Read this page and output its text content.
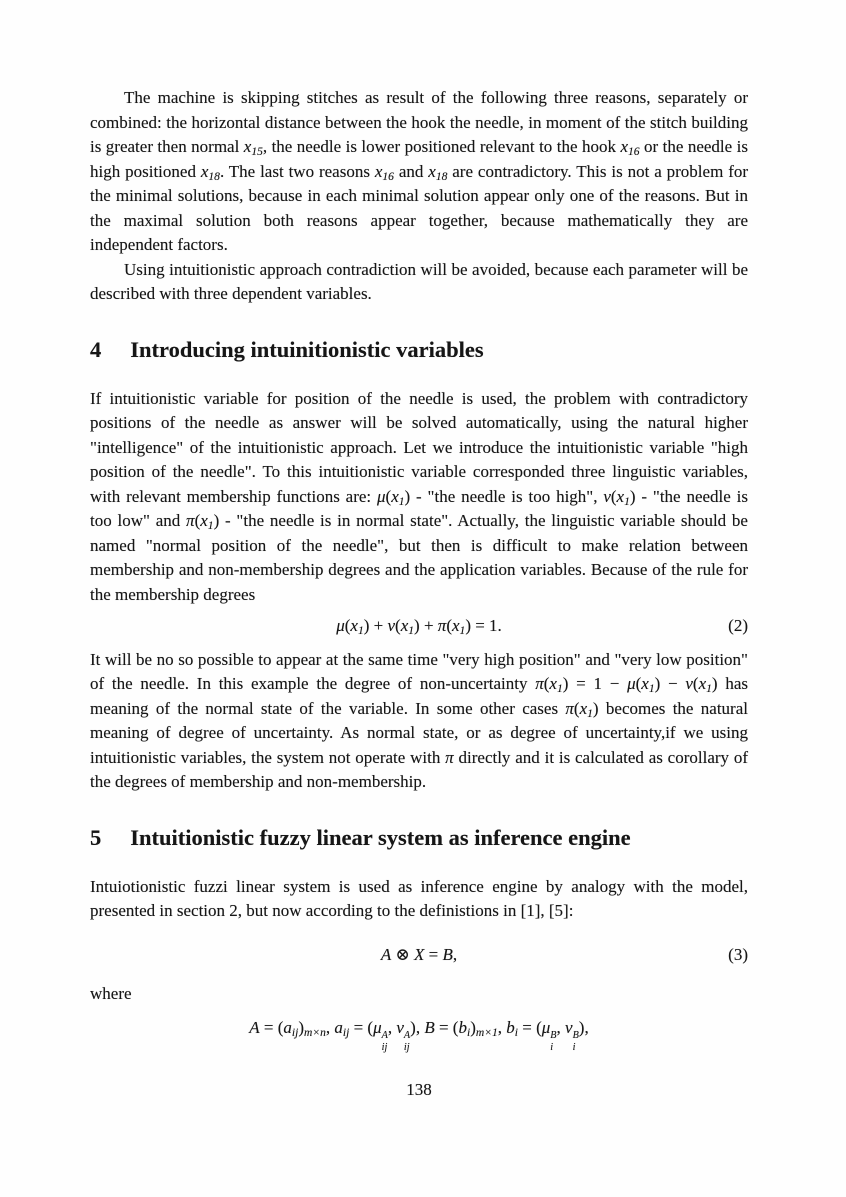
The machine is skipping stitches as result of the following three reasons, separately or combined: the horizontal distance between the hook the needle, in moment of the stitch building is greater then normal $x_{15}$, the needle is lower positioned relevant to the hook $x_{16}$ or the needle is high positioned $x_{18}$. The last two reasons $x_{16}$ and $x_{18}$ are contradictory. This is not a problem for the minimal solutions, because in each minimal solution appear only one of the reasons. But in the maximal solution both reasons appear together, because mathematically they are independent factors.

Using intuitionistic approach contradiction will be avoided, because each parameter will be described with three dependent variables.

4 Introducing intuinitionistic variables

If intuitionistic variable for position of the needle is used, the problem with contradictory positions of the needle as answer will be solved automatically, using the natural higher "intelligence" of the intuitionistic approach. Let we introduce the intuitionistic variable "high position of the needle". To this intuitionistic variable corresponded three linguistic variables, with relevant membership functions are: $\mu(x_1)$ - "the needle is too high", $\nu(x_1)$ - "the needle is too low" and $\pi(x_1)$ - "the needle is in normal state". Actually, the linguistic variable should be named "normal position of the needle", but then is difficult to make relation between membership and non-membership degrees and the application variables. Because of the rule for the membership degrees

$\mu(x_1) + \nu(x_1) + \pi(x_1) = 1$.	(2)

It will be no so possible to appear at the same time "very high position" and "very low position" of the needle. In this example the degree of non-uncertainty $\pi(x_1) = 1 - \mu(x_1) - \nu(x_1)$ has meaning of the normal state of the variable. In some other cases $\pi(x_1)$ becomes the natural meaning of degree of uncertainty. As normal state, or as degree of uncertainty,if we using intuitionistic variables, the system not operate with π directly and it is calculated as corollary of the degrees of membership and non-membership.

5 Intuitionistic fuzzy linear system as inference engine

Intuiotionistic fuzzi linear system is used as inference engine by analogy with the model, presented in section 2, but now according to the definistions in [1], [5]:

A ⊗ X = B,	(3)

where

$A = (a_{ij})_{m\times n}$, $a_{ij} = (\mu$ A
ij
, ν A
ij
), $B = (b_i)_{m\times 1}$, $b_i = (\mu$ B
i
, ν B
i
),
138
